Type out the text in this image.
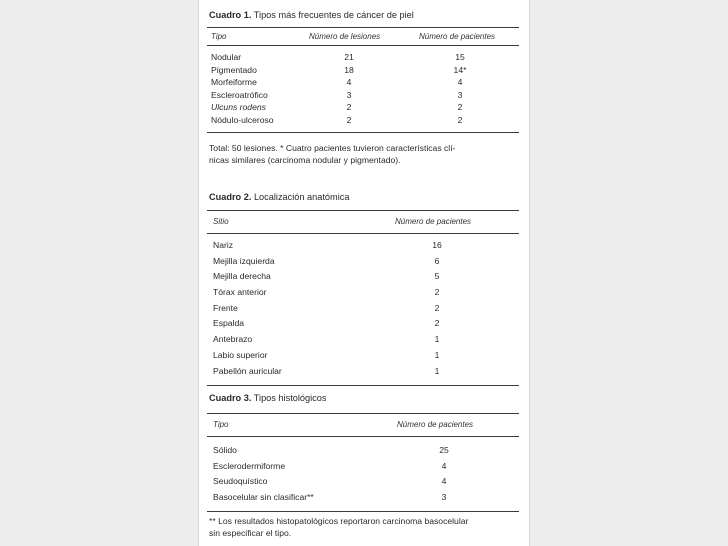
Cuadro 1. Tipos más frecuentes de cáncer de piel
Tipo	Número de lesiones	Número de pacientes
Nodular	21	15
Pigmentado	18	14*
Morfeiforme	4	4
Escleroatrófico	3	3
Ulcuns rodens	2	2
Nódulo-ulceroso	2	2
Total: 50 lesiones. * Cuatro pacientes tuvieron características clí-
nicas similares (carcinoma nodular y pigmentado).
Cuadro 2. Localización anatómica
Sitio	Número de pacientes
Nariz	16
Mejilla izquierda	6
Mejilla derecha	5
Tórax anterior	2
Frente	2
Espalda	2
Antebrazo	1
Labio superior	1
Pabellón auricular	1
Cuadro 3. Tipos histológicos
Tipo	Número de pacientes
Sólido	25
Esclerodermiforme	4
Seudoquístico	4
Basocelular sin clasificar**	3
** Los resultados histopatológicos reportaron carcinoma basocelular
sin especificar el tipo.
